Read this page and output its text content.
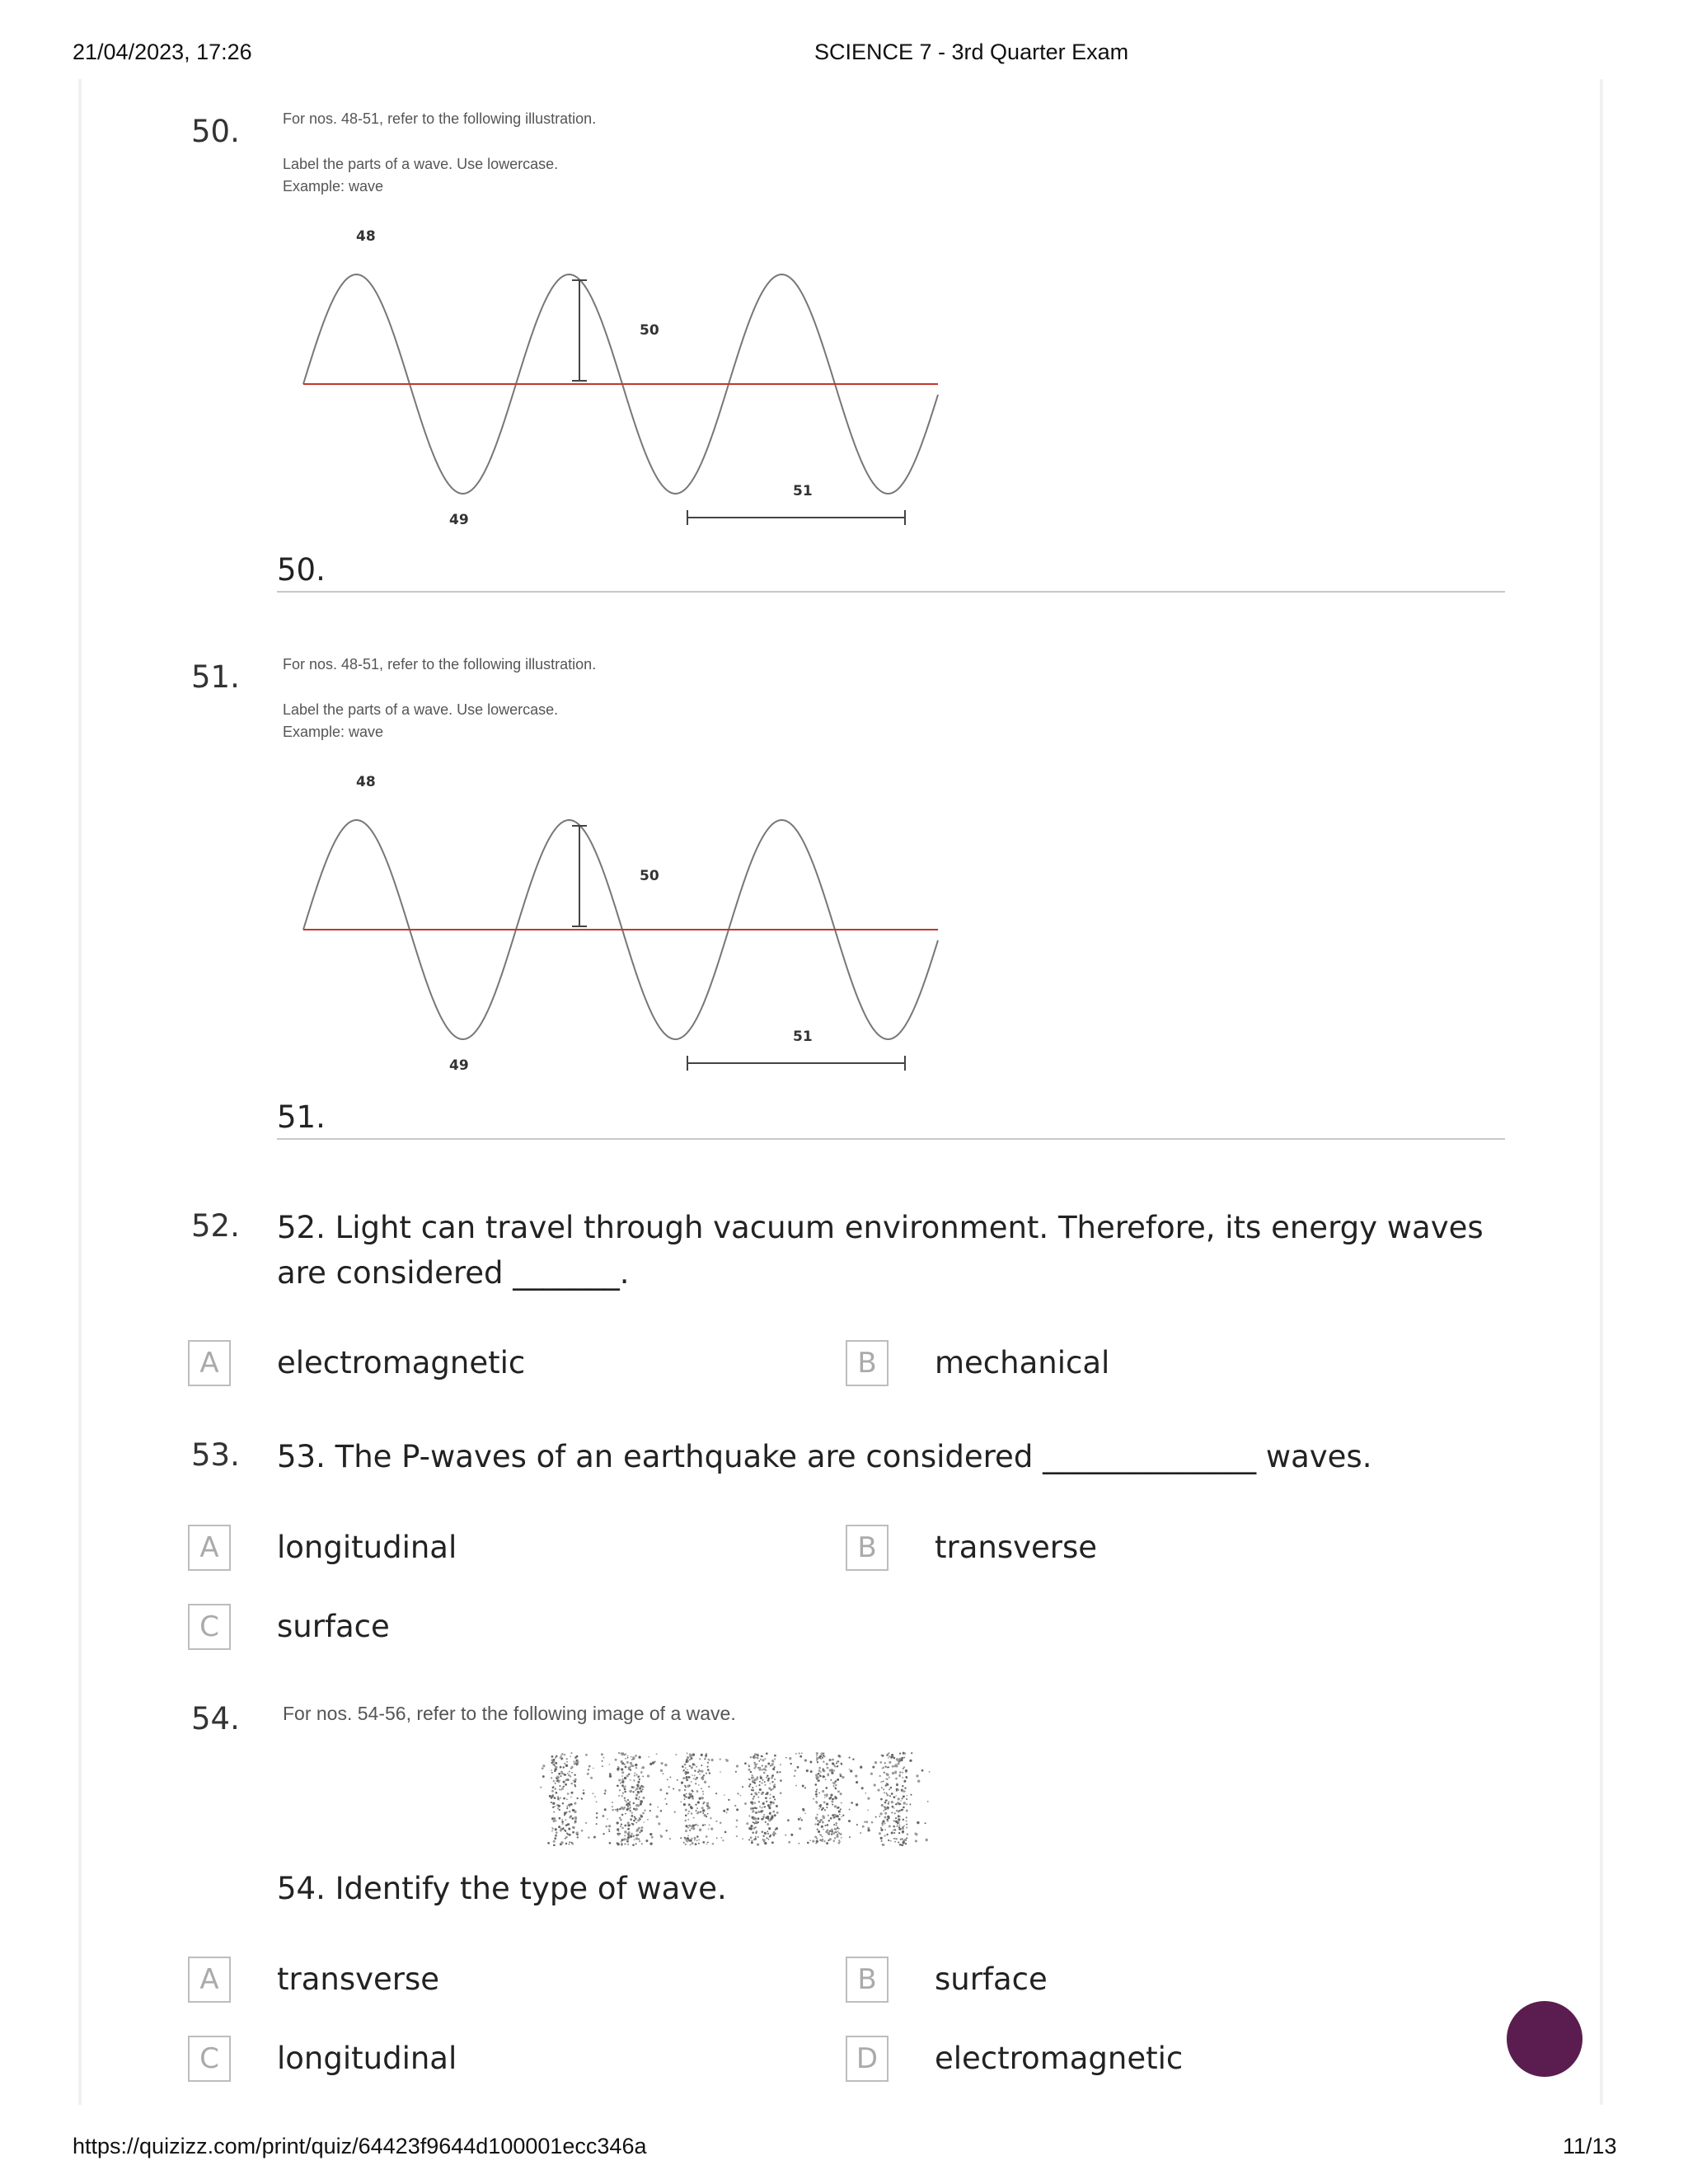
21/04/2023, 17:26	SCIENCE 7 - 3rd Quarter Exam
50.	For nos. 48-51, refer to the following illustration.
Label the parts of a wave. Use lowercase.
Example: wave
48
49
50
51
50.
51.	For nos. 48-51, refer to the following illustration.
Label the parts of a wave. Use lowercase.
Example: wave
48
49
50
51
51.
52. 52. Light can travel through vacuum environment. Therefore, its energy waves are considered _______.
A	electromagnetic	B	mechanical
53. 53. The P-waves of an earthquake are considered ______________ waves.
A	longitudinal	B	transverse
C	surface
54. For nos. 54-56, refer to the following image of a wave.
54. Identify the type of wave.
A	transverse	B	surface
C	longitudinal	D	electromagnetic
https://quizizz.com/print/quiz/64423f9644d100001ecc346a	11/13
